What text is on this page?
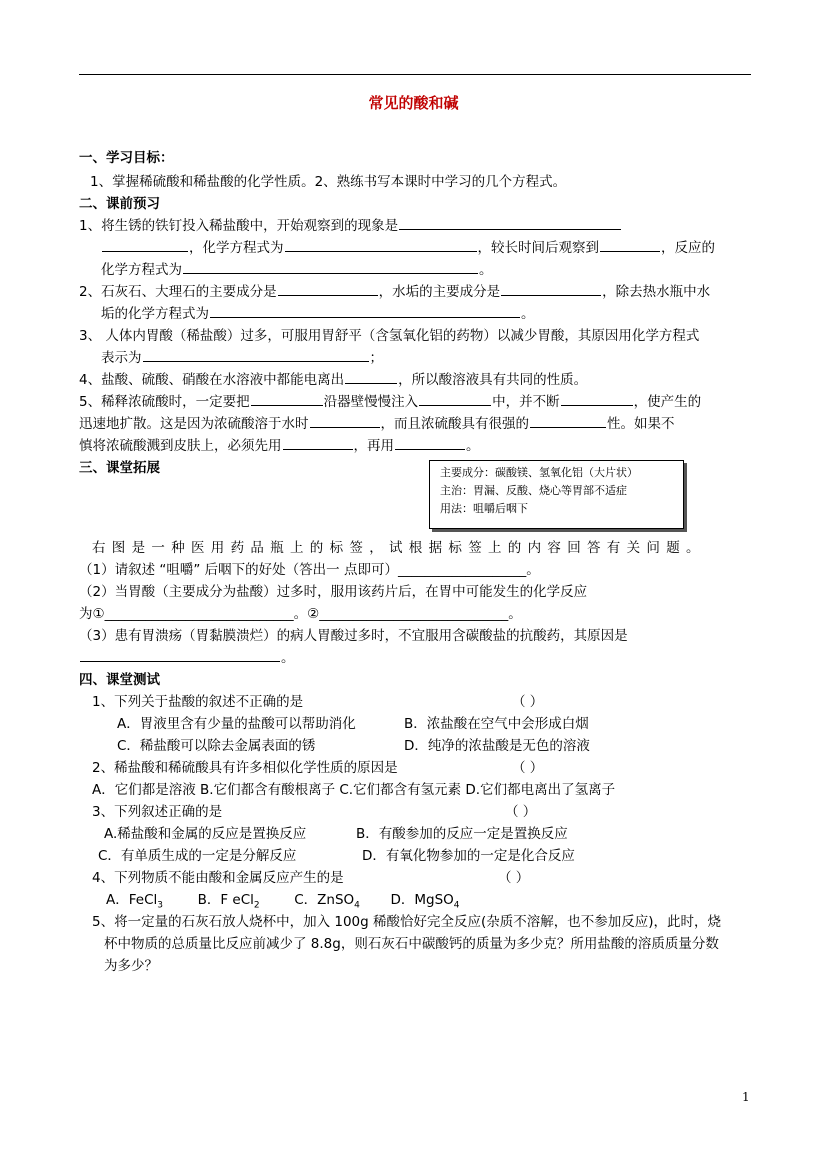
常见的酸和碱
一、学习目标：
1、掌握稀硫酸和稀盐酸的化学性质。2、熟练书写本课时中学习的几个方程式。
二、课前预习
1、将生锈的铁钉投入稀盐酸中，开始观察到的现象是
，化学方程式为	，较长时间后观察到	，反应的
化学方程式为	。
2、石灰石、大理石的主要成分是	，水垢的主要成分是	，除去热水瓶中水
垢的化学方程式为	。
3、 人体内胃酸（稀盐酸）过多，可服用胃舒平（含氢氧化铝的药物）以减少胃酸，其原因用化学方程式
表示为	；
4、盐酸、硫酸、硝酸在水溶液中都能电离出	，所以酸溶液具有共同的性质。
5、稀释浓硫酸时，一定要把	沿器壁慢慢注入	中，并不断	，使产生的
迅速地扩散。这是因为浓硫酸溶于水时	，而且浓硫酸具有很强的	性。如果不
慎将浓硫酸溅到皮肤上，必须先用	，再用	。
三、课堂拓展	主要成分：碳酸镁、氢氧化铝（大片状）
主治：胃漏、反酸、烧心等胃部不适症
用法：咀嚼后咽下
右图是一种医用药品瓶上的标签，试根据标签上的内容回答有关问题。
（1）请叙述 “咀嚼” 后咽下的好处（答出一 点即可）___________________。
（2）当胃酸（主要成分为盐酸）过多时，服用该药片后，在胃中可能发生的化学反应
为①____________________________。②____________________________。
（3）患有胃溃疡（胃黏膜溃烂）的病人胃酸过多时，不宜服用含碳酸盐的抗酸药，其原因是
。
四、课堂测试
1、下列关于盐酸的叙述不正确的是	（ ）
A．胃液里含有少量的盐酸可以帮助消化	B．浓盐酸在空气中会形成白烟
C．稀盐酸可以除去金属表面的锈	D．纯净的浓盐酸是无色的溶液
2、稀盐酸和稀硫酸具有许多相似化学性质的原因是	（ ）
A．它们都是溶液 B.它们都含有酸根离子 C.它们都含有氢元素 D.它们都电离出了氢离子
3、下列叙述正确的是	（ ）
A.稀盐酸和金属的反应是置换反应	B．有酸参加的反应一定是置换反应
C．有单质生成的一定是分解反应	D．有氧化物参加的一定是化合反应
4、下列物质不能由酸和金属反应产生的是	（ ）
A．FeCl$_3$	B．F eCl$_2$	C．ZnSO$_4$ D．MgSO$_4$
5、将一定量的石灰石放人烧杯中，加入 100g 稀酸恰好完全反应(杂质不溶解，也不参加反应)，此时，烧
杯中物质的总质量比反应前减少了 8.8g，则石灰石中碳酸钙的质量为多少克？所用盐酸的溶质质量分数
为多少？
1
